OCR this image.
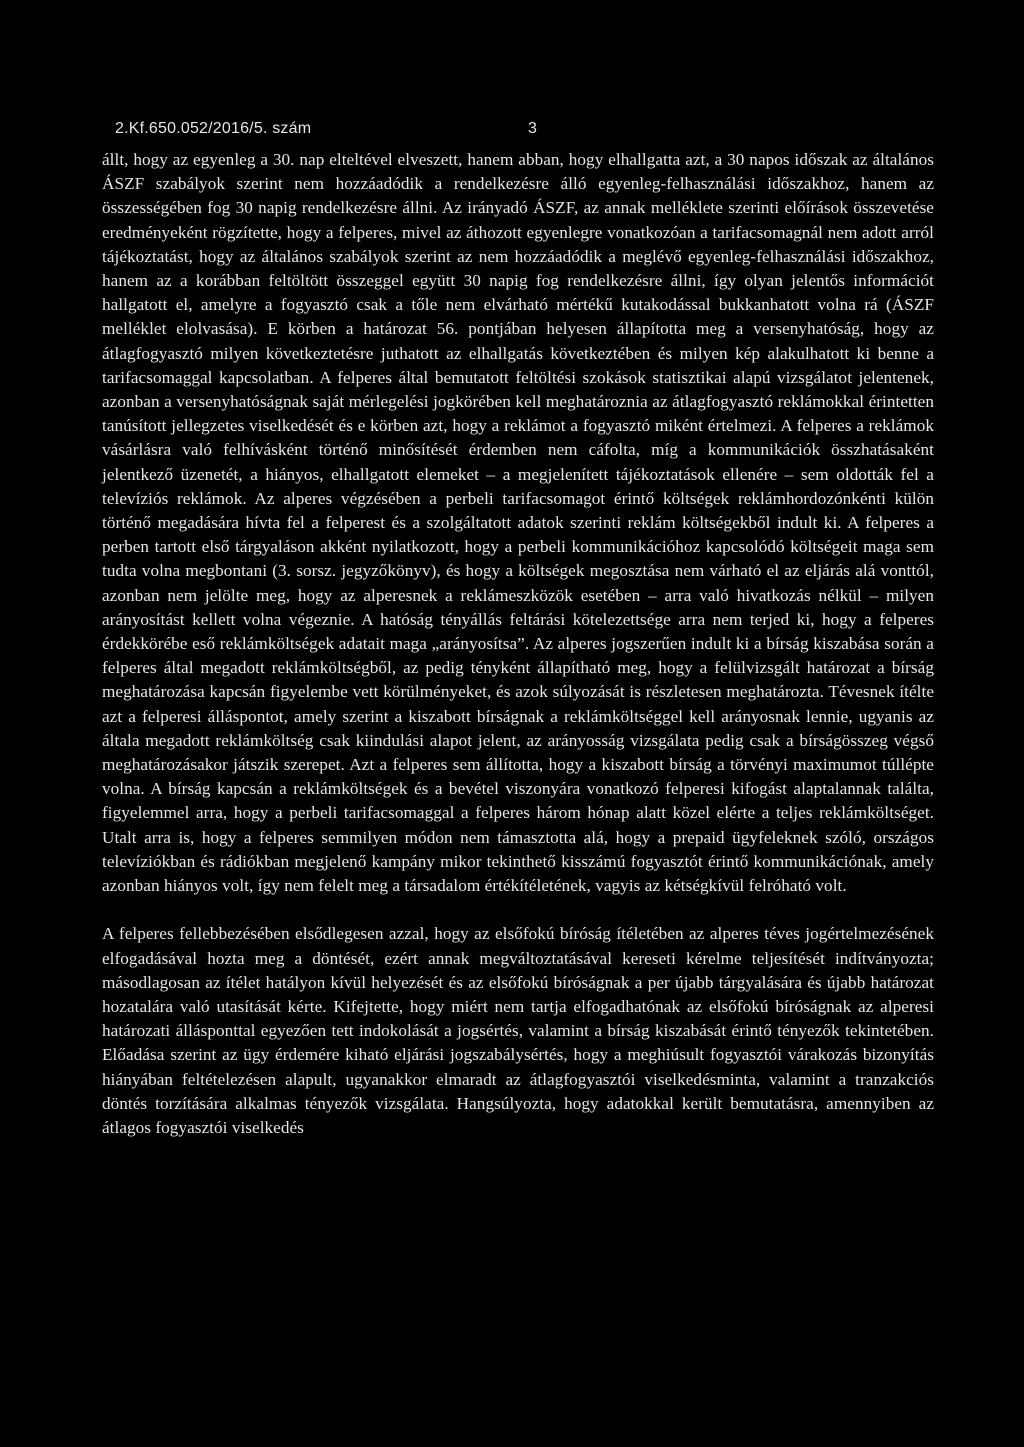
2.Kf.650.052/2016/5. szám	3

állt, hogy az egyenleg a 30. nap elteltével elveszett, hanem abban, hogy elhallgatta azt, a 30 napos időszak az általános ÁSZF szabályok szerint nem hozzáadódik a rendelkezésre álló egyenleg-felhasználási időszakhoz, hanem az összességében fog 30 napig rendelkezésre állni. Az irányadó ÁSZF, az annak melléklete szerinti előírások összevetése eredményeként rögzítette, hogy a felperes, mivel az áthozott egyenlegre vonatkozóan a tarifacsomagnál nem adott arról tájékoztatást, hogy az általános szabályok szerint az nem hozzáadódik a meglévő egyenleg-felhasználási időszakhoz, hanem az a korábban feltöltött összeggel együtt 30 napig fog rendelkezésre állni, így olyan jelentős információt hallgatott el, amelyre a fogyasztó csak a tőle nem elvárható mértékű kutakodással bukkanhatott volna rá (ÁSZF melléklet elolvasása). E körben a határozat 56. pontjában helyesen állapította meg a versenyhatóság, hogy az átlagfogyasztó milyen következtetésre juthatott az elhallgatás következtében és milyen kép alakulhatott ki benne a tarifacsomaggal kapcsolatban. A felperes által bemutatott feltöltési szokások statisztikai alapú vizsgálatot jelentenek, azonban a versenyhatóságnak saját mérlegelési jogkörében kell meghatároznia az átlagfogyasztó reklámokkal érintetten tanúsított jellegzetes viselkedését és e körben azt, hogy a reklámot a fogyasztó miként értelmezi. A felperes a reklámok vásárlásra való felhívásként történő minősítését érdemben nem cáfolta, míg a kommunikációk összhatásaként jelentkező üzenetét, a hiányos, elhallgatott elemeket – a megjelenített tájékoztatások ellenére – sem oldották fel a televíziós reklámok. Az alperes végzésében a perbeli tarifacsomagot érintő költségek reklámhordozónkénti külön történő megadására hívta fel a felperest és a szolgáltatott adatok szerinti reklám költségekből indult ki. A felperes a perben tartott első tárgyaláson akként nyilatkozott, hogy a perbeli kommunikációhoz kapcsolódó költségeit maga sem tudta volna megbontani (3. sorsz. jegyzőkönyv), és hogy a költségek megosztása nem várható el az eljárás alá vonttól, azonban nem jelölte meg, hogy az alperesnek a reklámeszközök esetében – arra való hivatkozás nélkül – milyen arányosítást kellett volna végeznie. A hatóság tényállás feltárási kötelezettsége arra nem terjed ki, hogy a felperes érdekkörébe eső reklámköltségek adatait maga „arányosítsa”. Az alperes jogszerűen indult ki a bírság kiszabása során a felperes által megadott reklámköltségből, az pedig tényként állapítható meg, hogy a felülvizsgált határozat a bírság meghatározása kapcsán figyelembe vett körülményeket, és azok súlyozását is részletesen meghatározta. Tévesnek ítélte azt a felperesi álláspontot, amely szerint a kiszabott bírságnak a reklámköltséggel kell arányosnak lennie, ugyanis az általa megadott reklámköltség csak kiindulási alapot jelent, az arányosság vizsgálata pedig csak a bírságösszeg végső meghatározásakor játszik szerepet. Azt a felperes sem állította, hogy a kiszabott bírság a törvényi maximumot túllépte volna. A bírság kapcsán a reklámköltségek és a bevétel viszonyára vonatkozó felperesi kifogást alaptalannak találta, figyelemmel arra, hogy a perbeli tarifacsomaggal a felperes három hónap alatt közel elérte a teljes reklámköltséget. Utalt arra is, hogy a felperes semmilyen módon nem támasztotta alá, hogy a prepaid ügyfeleknek szóló, országos televíziókban és rádiókban megjelenő kampány mikor tekinthető kisszámú fogyasztót érintő kommunikációnak, amely azonban hiányos volt, így nem felelt meg a társadalom értékítéletének, vagyis az kétségkívül felróható volt.

A felperes fellebbezésében elsődlegesen azzal, hogy az elsőfokú bíróság ítéletében az alperes téves jogértelmezésének elfogadásával hozta meg a döntését, ezért annak megváltoztatásával kereseti kérelme teljesítését indítványozta; másodlagosan az ítélet hatályon kívül helyezését és az elsőfokú bíróságnak a per újabb tárgyalására és újabb határozat hozatalára való utasítását kérte. Kifejtette, hogy miért nem tartja elfogadhatónak az elsőfokú bíróságnak az alperesi határozati állásponttal egyezően tett indokolását a jogsértés, valamint a bírság kiszabását érintő tényezők tekintetében. Előadása szerint az ügy érdemére kiható eljárási jogszabálysértés, hogy a meghiúsult fogyasztói várakozás bizonyítás hiányában feltételezésen alapult, ugyanakkor elmaradt az átlagfogyasztói viselkedésminta, valamint a tranzakciós döntés torzítására alkalmas tényezők vizsgálata. Hangsúlyozta, hogy adatokkal került bemutatásra, amennyiben az átlagos fogyasztói viselkedés
